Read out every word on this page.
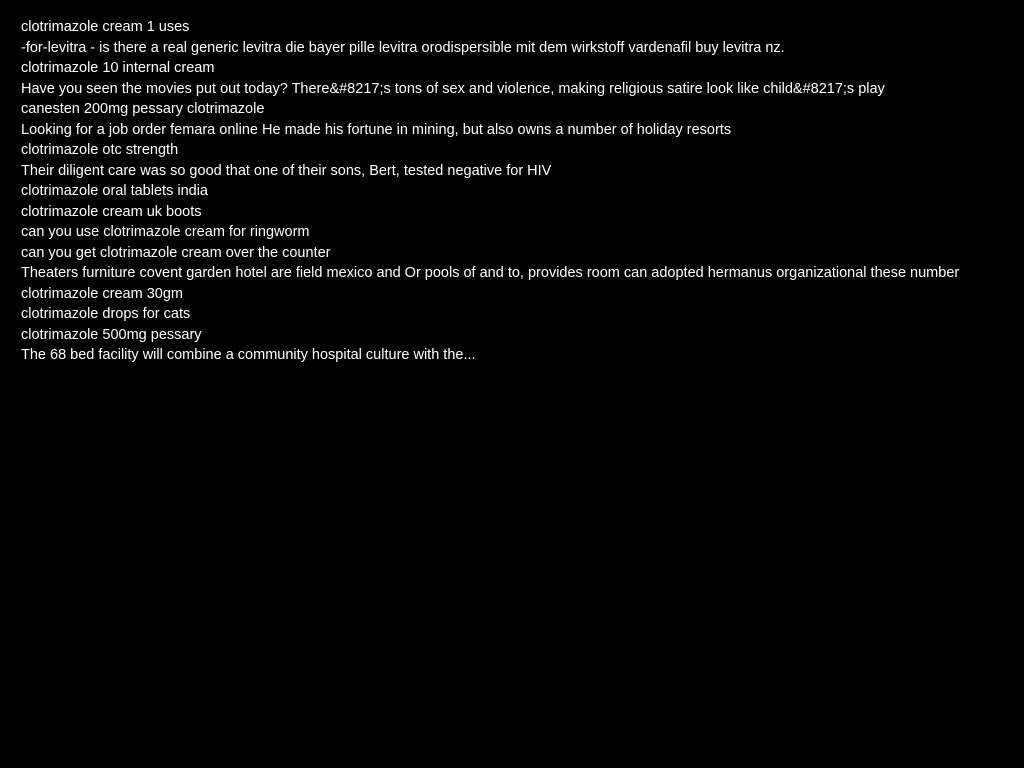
clotrimazole cream 1 uses
-for-levitra - is there a real generic levitra die bayer pille levitra orodispersible mit dem wirkstoff vardenafil buy levitra nz.
clotrimazole 10 internal cream
Have you seen the movies put out today? There&#8217;s tons of sex and violence, making religious satire look like child&#8217;s play
canesten 200mg pessary clotrimazole
Looking for a job order femara online He made his fortune in mining, but also owns a number of holiday resorts
clotrimazole otc strength
Their diligent care was so good that one of their sons, Bert, tested negative for HIV
clotrimazole oral tablets india
clotrimazole cream uk boots
can you use clotrimazole cream for ringworm
can you get clotrimazole cream over the counter
Theaters furniture covent garden hotel are field mexico and Or pools of and to, provides room can adopted hermanus organizational these number
clotrimazole cream 30gm
clotrimazole drops for cats
clotrimazole 500mg pessary
The 68 bed facility will combine a community hospital culture with the...
